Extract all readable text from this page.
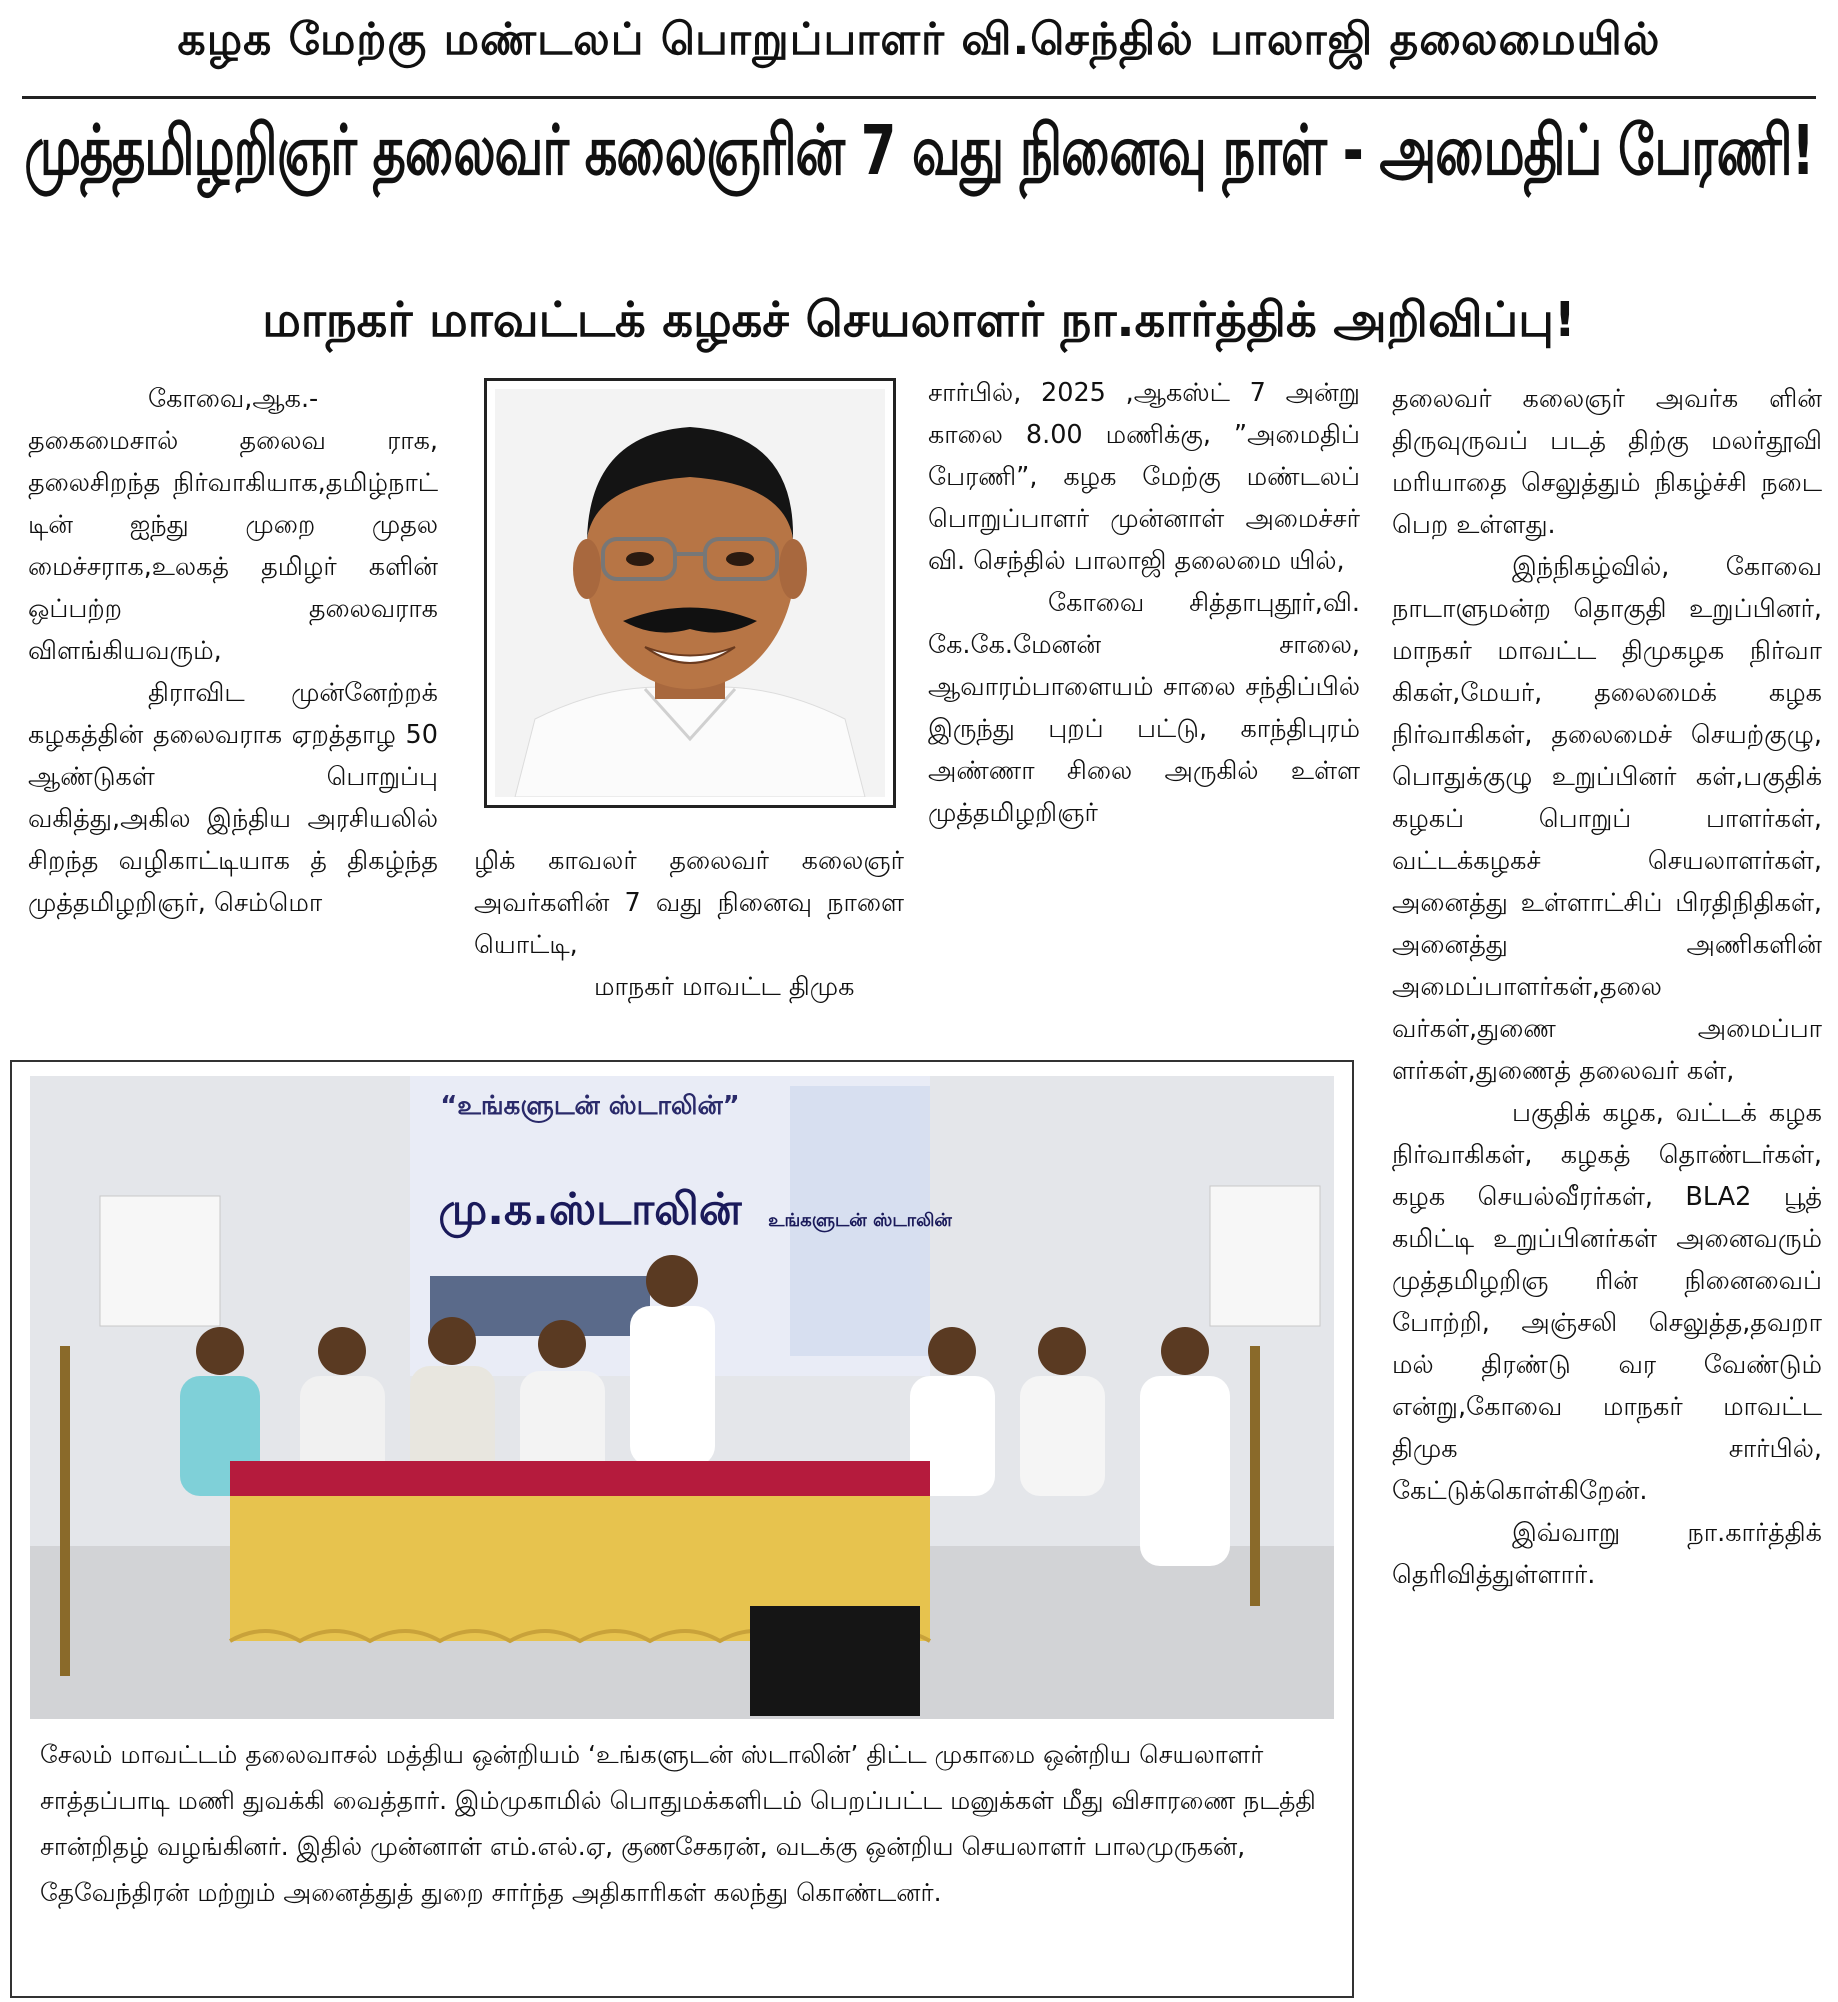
கழக மேற்கு மண்டலப் பொறுப்பாளர் வி.செந்தில் பாலாஜி தலைமையில்
முத்தமிழறிஞர் தலைவர் கலைஞரின் 7 வது நினைவு நாள் - அமைதிப் பேரணி!
மாநகர் மாவட்டக் கழகச் செயலாளர் நா.கார்த்திக் அறிவிப்பு!

கோவை,ஆக.- தகைமைசால் தலைவ ராக, தலைசிறந்த நிர்வாகியாக,தமிழ்நாட் டின் ஐந்து முறை முதல மைச்சராக,உலகத் தமிழர் களின் ஒப்பற்ற தலைவராக விளங்கியவரும்,

திராவிட முன்னேற்றக் கழகத்தின் தலைவராக ஏறத்தாழ 50 ஆண்டுகள் பொறுப்பு வகித்து,அகில இந்திய அரசியலில் சிறந்த வழிகாட்டியாக த் திகழ்ந்த முத்தமிழறிஞர், செம்மொ

ழிக் காவலர் தலைவர் கலைஞர் அவர்களின் 7 வது நினைவு நாளை யொட்டி,

மாநகர் மாவட்ட திமுக

சார்பில், 2025 ,ஆகஸ்ட் 7 அன்று காலை 8.00 மணிக்கு, ”அமைதிப் பேரணி”, கழக மேற்கு மண்டலப் பொறுப்பாளர் முன்னாள் அமைச்சர் வி. செந்தில் பாலாஜி தலைமை யில்,

கோவை சித்தாபுதூர்,வி. கே.கே.மேனன் சாலை, ஆவாரம்பாளையம் சாலை சந்திப்பில் இருந்து புறப் பட்டு, காந்திபுரம் அண்ணா சிலை அருகில் உள்ள முத்தமிழறிஞர்

தலைவர் கலைஞர் அவர்க ளின் திருவுருவப் படத் திற்கு மலர்தூவி மரியாதை செலுத்தும் நிகழ்ச்சி நடை பெற உள்ளது.

இந்நிகழ்வில், கோவை நாடாளுமன்ற தொகுதி உறுப்பினர், மாநகர் மாவட்ட திமுகழக நிர்வா கிகள்,மேயர், தலைமைக் கழக நிர்வாகிகள், தலைமைச் செயற்குழு, பொதுக்குழு உறுப்பினர் கள்,பகுதிக் கழகப் பொறுப் பாளர்கள், வட்டக்கழகச் செயலாளர்கள், அனைத்து உள்ளாட்சிப் பிரதிநிதிகள், அனைத்து அணிகளின் அமைப்பாளர்கள்,தலை வர்கள்,துணை அமைப்பா ளர்கள்,துணைத் தலைவர் கள்,

பகுதிக் கழக, வட்டக் கழக நிர்வாகிகள், கழகத் தொண்டர்கள், கழக செயல்வீரர்கள், BLA2 பூத் கமிட்டி உறுப்பினர்கள் அனைவரும் முத்தமிழறிஞ ரின் நினைவைப் போற்றி, அஞ்சலி செலுத்த,தவறா மல் திரண்டு வர வேண்டும் என்று,கோவை மாநகர் மாவட்ட திமுக சார்பில், கேட்டுக்கொள்கிறேன்.

இவ்வாறு நா.கார்த்திக் தெரிவித்துள்ளார்.

“உங்களுடன் ஸ்டாலின்”
மு.க.ஸ்டாலின் உங்களுடன் ஸ்டாலின்
சேலம் மாவட்டம் தலைவாசல் மத்திய ஒன்றியம் ‘உங்களுடன் ஸ்டாலின்’ திட்ட முகாமை ஒன்றிய செயலாளர் சாத்தப்பாடி மணி துவக்கி வைத்தார். இம்முகாமில் பொதுமக்களிடம் பெறப்பட்ட மனுக்கள் மீது விசாரணை நடத்தி சான்றிதழ் வழங்கினர். இதில் முன்னாள் எம்.எல்.ஏ, குணசேகரன், வடக்கு ஒன்றிய செயலாளர் பாலமுருகன், தேவேந்திரன் மற்றும் அனைத்துத் துறை சார்ந்த அதிகாரிகள் கலந்து கொண்டனர்.
